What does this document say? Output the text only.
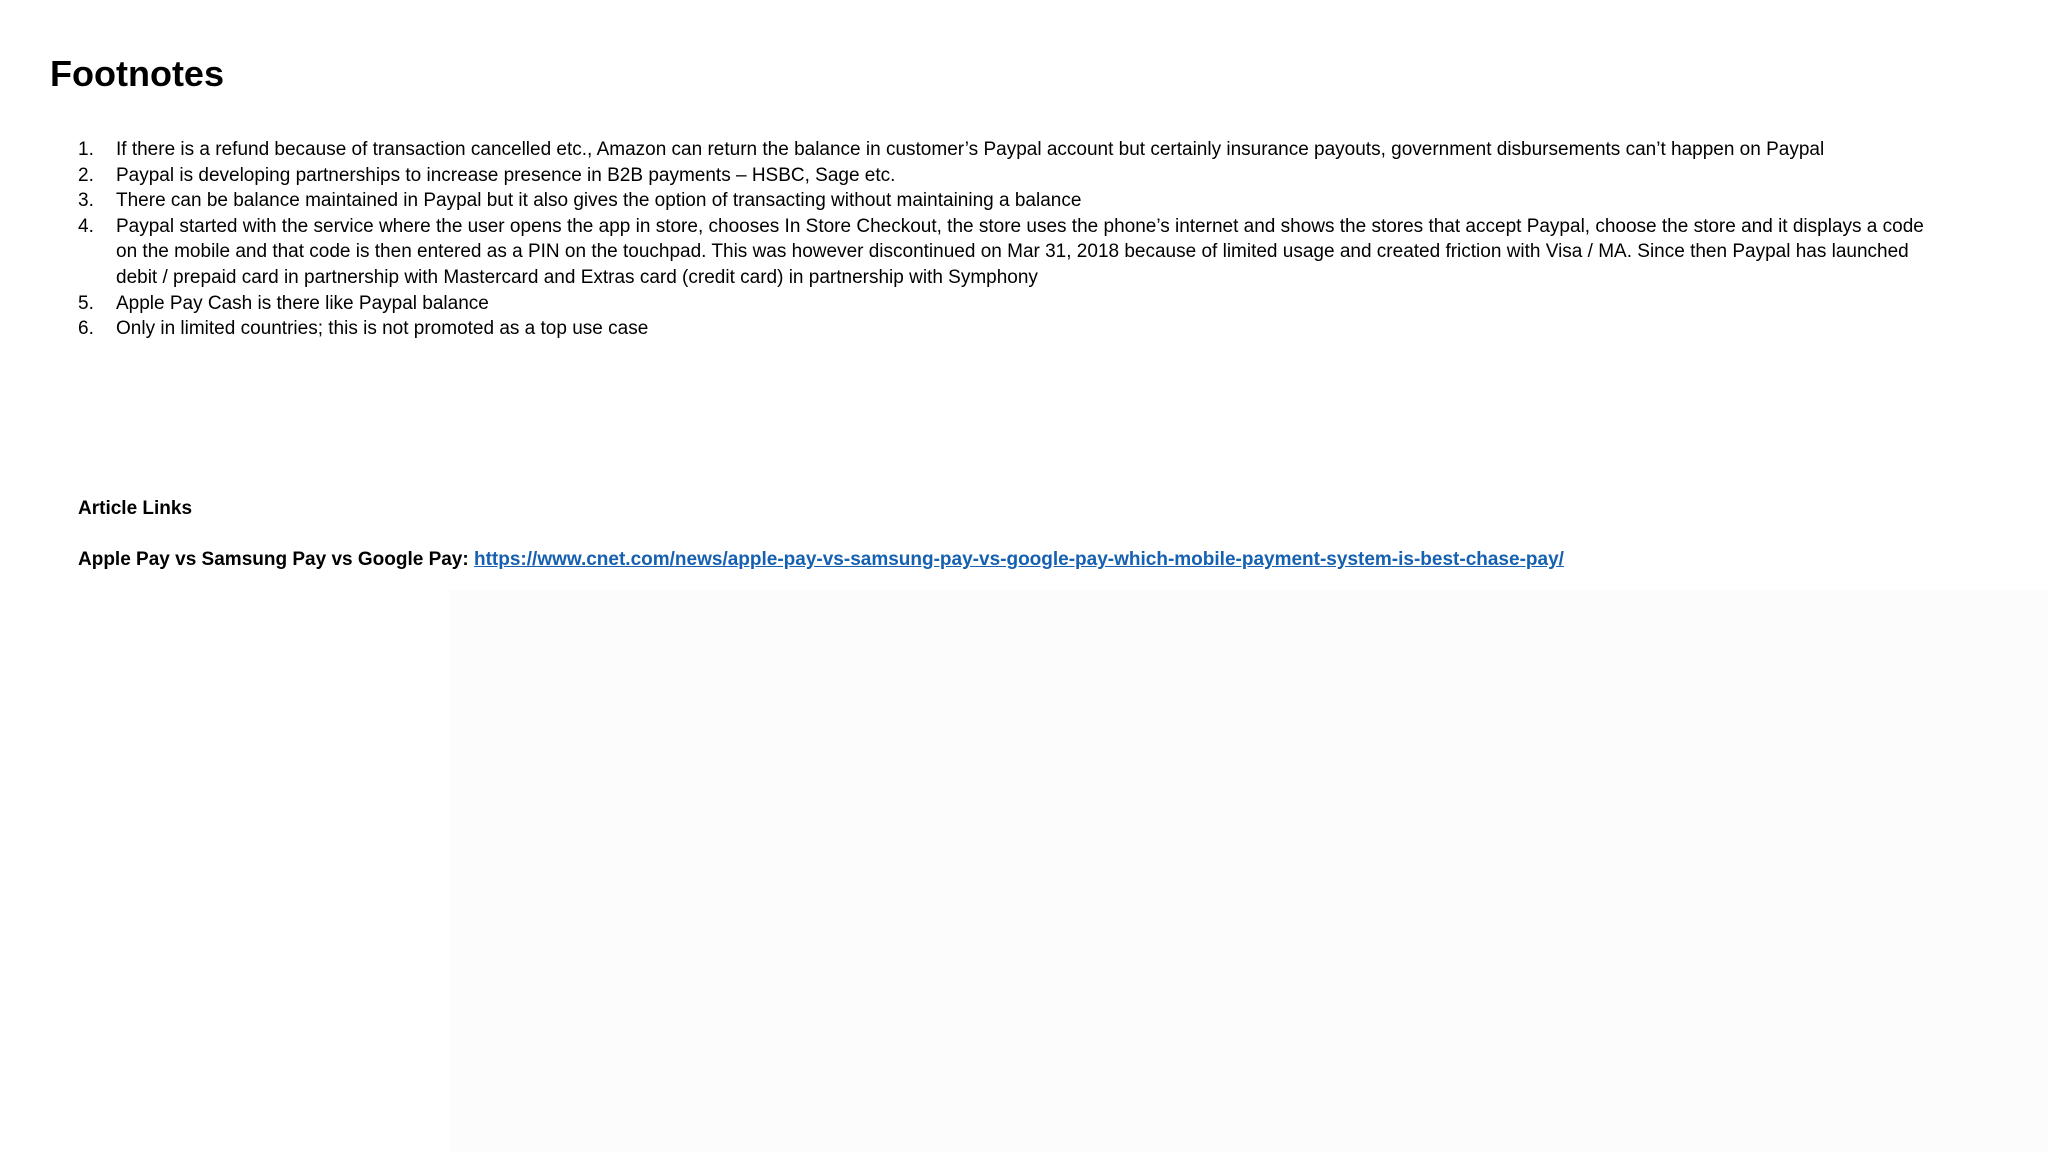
Footnotes
1. If there is a refund because of transaction cancelled etc., Amazon can return the balance in customer’s Paypal account but certainly insurance payouts, government disbursements can’t happen on Paypal
2. Paypal is developing partnerships to increase presence in B2B payments – HSBC, Sage etc.
3. There can be balance maintained in Paypal but it also gives the option of transacting without maintaining a balance
4. Paypal started with the service where the user opens the app in store, chooses In Store Checkout, the store uses the phone’s internet and shows the stores that accept Paypal, choose the store and it displays a code on the mobile and that code is then entered as a PIN on the touchpad. This was however discontinued on Mar 31, 2018 because of limited usage and created friction with Visa / MA. Since then Paypal has launched debit / prepaid card in partnership with Mastercard and Extras card (credit card) in partnership with Symphony
5. Apple Pay Cash is there like Paypal balance
6. Only in limited countries; this is not promoted as a top use case

Article Links

Apple Pay vs Samsung Pay vs Google Pay: https://www.cnet.com/news/apple-pay-vs-samsung-pay-vs-google-pay-which-mobile-payment-system-is-best-chase-pay/
